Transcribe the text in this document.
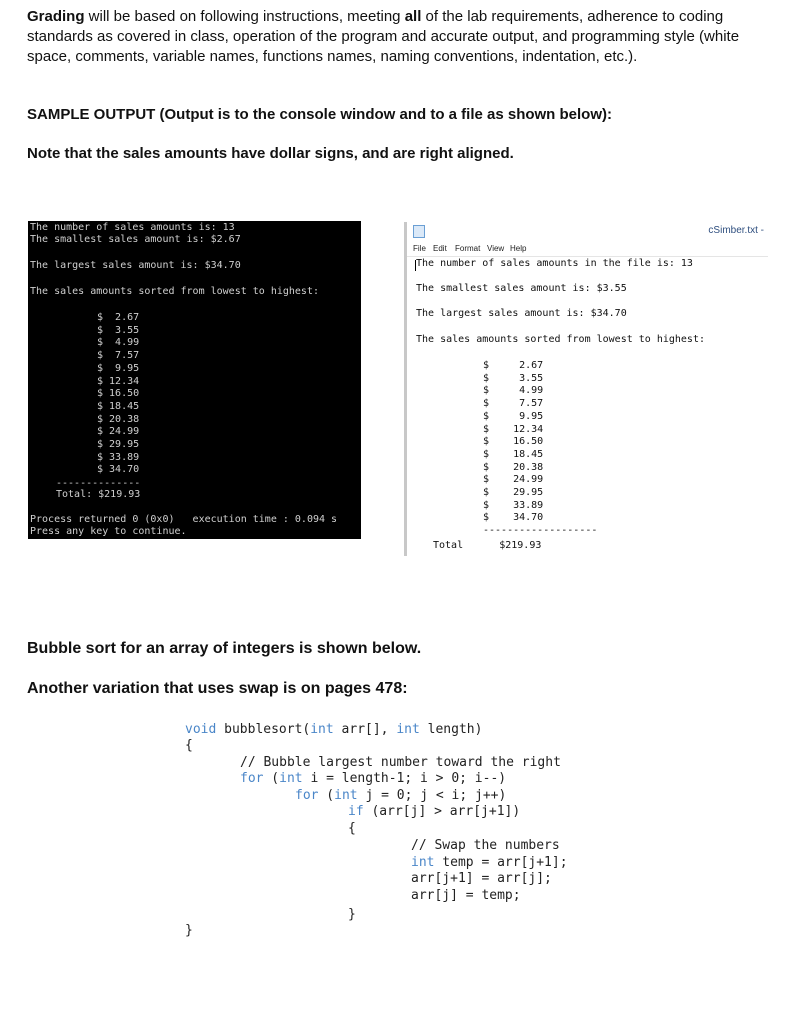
Grading will be based on following instructions, meeting all of the lab requirements, adherence to coding standards as covered in class, operation of the program and accurate output, and programming style (white space, comments, variable names, functions names, naming conventions, indentation, etc.).
SAMPLE OUTPUT (Output is to the console window and to a file as shown below):
Note that the sales amounts have dollar signs, and are right aligned.
The number of sales amounts is: 13
The smallest sales amount is: $2.67
The largest sales amount is: $34.70
The sales amounts sorted from lowest to highest:
$  2.67
$  3.55
$  4.99
$  7.57
$  9.95
$ 12.34
$ 16.50
$ 18.45
$ 20.38
$ 24.99
$ 29.95
$ 33.89
$ 34.70
--------------
Total: $219.93
Process returned 0 (0x0)   execution time : 0.094 s
Press any key to continue.
cSimber.txt -
File Edit Format View Help
The number of sales amounts in the file is: 13
The smallest sales amount is: $3.55
The largest sales amount is: $34.70
The sales amounts sorted from lowest to highest:
$     2.67
$     3.55
$     4.99
$     7.57
$     9.95
$    12.34
$    16.50
$    18.45
$    20.38
$    24.99
$    29.95
$    33.89
$    34.70
-------------------
Total      $219.93
Bubble sort for an array of integers is shown below.
Another variation that uses swap is on pages 478:
void bubblesort(int arr[], int length)
{
// Bubble largest number toward the right
for (int i = length-1; i > 0; i--)
for (int j = 0; j < i; j++)
if (arr[j] > arr[j+1])
{
// Swap the numbers
int temp = arr[j+1];
arr[j+1] = arr[j];
arr[j] = temp;
}
}
